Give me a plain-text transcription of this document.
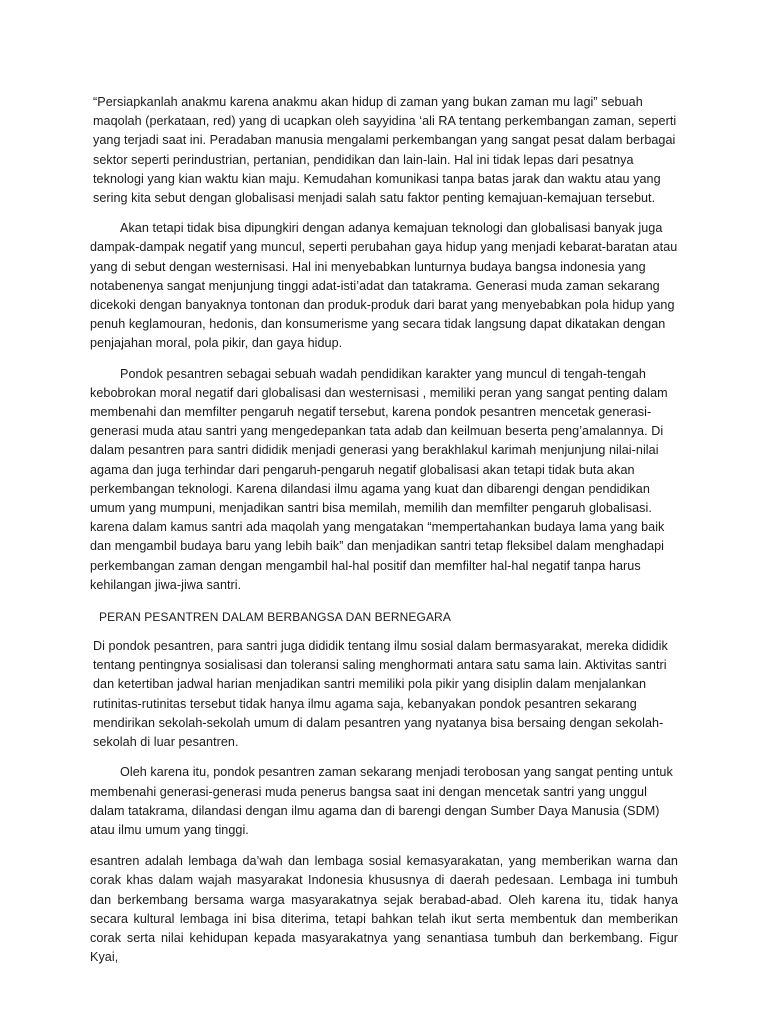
“Persiapkanlah anakmu karena anakmu akan hidup di zaman yang bukan zaman mu lagi” sebuah maqolah (perkataan, red) yang di ucapkan oleh sayyidina ‘ali RA tentang perkembangan zaman, seperti yang terjadi saat ini. Peradaban manusia mengalami perkembangan yang sangat pesat dalam berbagai sektor seperti perindustrian, pertanian, pendidikan dan lain-lain. Hal ini tidak lepas dari pesatnya teknologi yang kian waktu kian maju. Kemudahan komunikasi tanpa batas jarak dan waktu atau yang sering kita sebut dengan globalisasi menjadi salah satu faktor penting kemajuan-kemajuan tersebut.

Akan tetapi tidak bisa dipungkiri dengan adanya kemajuan teknologi dan globalisasi banyak juga dampak-dampak negatif yang muncul, seperti perubahan gaya hidup yang menjadi kebarat-baratan atau yang di sebut dengan westernisasi. Hal ini menyebabkan lunturnya budaya bangsa indonesia yang notabenenya sangat menjunjung tinggi adat-isti’adat dan tatakrama. Generasi muda zaman sekarang dicekoki dengan banyaknya tontonan dan produk-produk dari barat yang menyebabkan pola hidup yang penuh keglamouran, hedonis, dan konsumerisme yang secara tidak langsung dapat dikatakan dengan penjajahan moral, pola pikir, dan gaya hidup.

Pondok pesantren sebagai sebuah wadah pendidikan karakter yang muncul di tengah-tengah kebobrokan moral negatif dari globalisasi dan westernisasi , memiliki peran yang sangat penting dalam membenahi dan memfilter pengaruh negatif tersebut, karena pondok pesantren mencetak generasi-generasi muda atau santri yang mengedepankan tata adab dan keilmuan beserta peng’amalannya. Di dalam pesantren para santri dididik menjadi generasi yang berakhlakul karimah menjunjung nilai-nilai agama dan juga terhindar dari pengaruh-pengaruh negatif globalisasi akan tetapi tidak buta akan perkembangan teknologi. Karena dilandasi ilmu agama yang kuat dan dibarengi dengan pendidikan umum yang mumpuni, menjadikan santri bisa memilah, memilih dan memfilter pengaruh globalisasi. karena dalam kamus santri ada maqolah yang mengatakan “mempertahankan budaya lama yang baik dan mengambil budaya baru yang lebih baik” dan menjadikan santri tetap fleksibel dalam menghadapi perkembangan zaman dengan mengambil hal-hal positif dan memfilter hal-hal negatif tanpa harus kehilangan jiwa-jiwa santri.

PERAN PESANTREN DALAM BERBANGSA DAN BERNEGARA

Di pondok pesantren, para santri juga dididik tentang ilmu sosial dalam bermasyarakat, mereka dididik tentang pentingnya sosialisasi dan toleransi saling menghormati antara satu sama lain. Aktivitas santri dan ketertiban jadwal harian menjadikan santri memiliki pola pikir yang disiplin dalam menjalankan rutinitas-rutinitas tersebut tidak hanya ilmu agama saja, kebanyakan pondok pesantren sekarang mendirikan sekolah-sekolah umum di dalam pesantren yang nyatanya bisa bersaing dengan sekolah-sekolah di luar pesantren.

Oleh karena itu, pondok pesantren zaman sekarang menjadi terobosan yang sangat penting untuk membenahi generasi-generasi muda penerus bangsa saat ini dengan mencetak santri yang unggul dalam tatakrama, dilandasi dengan ilmu agama dan di barengi dengan Sumber Daya Manusia (SDM) atau ilmu umum yang tinggi.

esantren adalah lembaga da’wah dan lembaga sosial kemasyarakatan, yang memberikan warna dan corak khas dalam wajah masyarakat Indonesia khususnya di daerah pedesaan. Lembaga ini tumbuh dan berkembang bersama warga masyarakatnya sejak berabad-abad. Oleh karena itu, tidak hanya secara kultural lembaga ini bisa diterima, tetapi bahkan telah ikut serta membentuk dan memberikan corak serta nilai kehidupan kepada masyarakatnya yang senantiasa tumbuh dan berkembang. Figur Kyai,
